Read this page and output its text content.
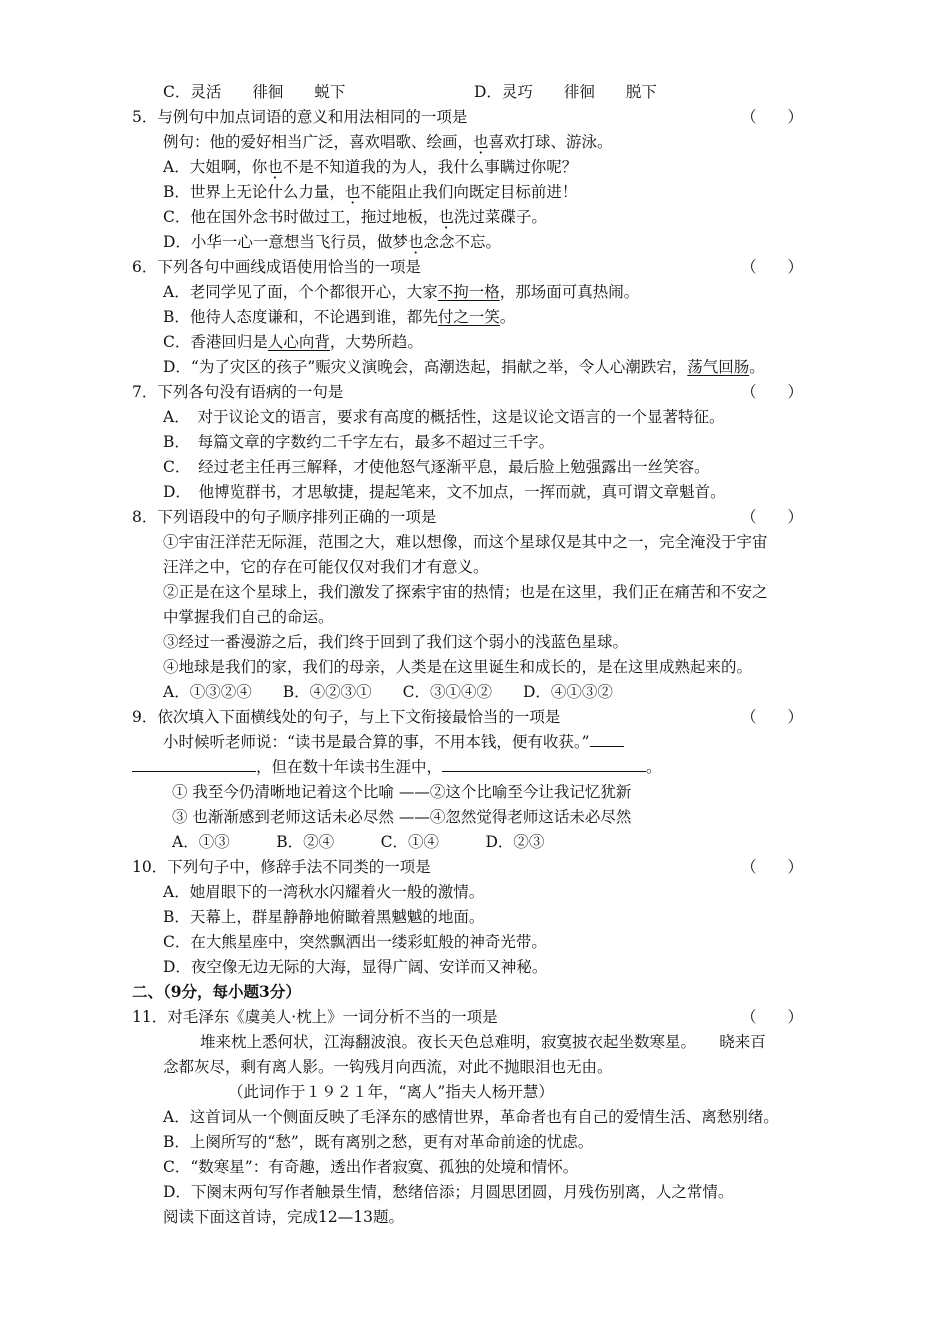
C．灵活　　徘徊　　蜕下	D．灵巧　　徘徊　　脱下
5．与例句中加点词语的意义和用法相同的一项是	（　　）
例句：他的爱好相当广泛，喜欢唱歌、绘画，也喜欢打球、游泳。
A．大姐啊，你也不是不知道我的为人，我什么事瞒过你呢？
B．世界上无论什么力量，也不能阻止我们向既定目标前进！
C．他在国外念书时做过工，拖过地板，也洗过菜碟子。
D．小华一心一意想当飞行员，做梦也念念不忘。
6．下列各句中画线成语使用恰当的一项是	（　　）
A．老同学见了面，个个都很开心，大家不拘一格，那场面可真热闹。
B．他待人态度谦和，不论遇到谁，都先付之一笑。
C．香港回归是人心向背，大势所趋。
D．“为了灾区的孩子”赈灾义演晚会，高潮迭起，捐献之举，令人心潮跌宕，荡气回肠。
7．下列各句没有语病的一句是	（　　）
A．　对于议论文的语言，要求有高度的概括性，这是议论文语言的一个显著特征。
B．　每篇文章的字数约二千字左右，最多不超过三千字。
C．　经过老主任再三解释，才使他怒气逐渐平息，最后脸上勉强露出一丝笑容。
D．　他博览群书，才思敏捷，提起笔来，文不加点，一挥而就，真可谓文章魁首。
8．下列语段中的句子顺序排列正确的一项是	（　　）
①宇宙汪洋茫无际涯，范围之大，难以想像，而这个星球仅是其中之一，完全淹没于宇宙
汪洋之中，它的存在可能仅仅对我们才有意义。
②正是在这个星球上，我们激发了探索宇宙的热情；也是在这里，我们正在痛苦和不安之
中掌握我们自己的命运。
③经过一番漫游之后，我们终于回到了我们这个弱小的浅蓝色星球。
④地球是我们的家，我们的母亲，人类是在这里诞生和成长的，是在这里成熟起来的。
A．①③②④　　B．④②③①　　C．③①④②　　D．④①③②
9．依次填入下面横线处的句子，与上下文衔接最恰当的一项是	（　　）
小时候听老师说：“读书是最合算的事，不用本钱，便有收获。”
，但在数十年读书生涯中，	。
① 我至今仍清晰地记着这个比喻 ——②这个比喻至今让我记忆犹新
③ 也渐渐感到老师这话未必尽然 ——④忽然觉得老师这话未必尽然
A．①③　　　B．②④　　　C．①④　　　D．②③
10．下列句子中，修辞手法不同类的一项是	（　　）
A．她眉眼下的一湾秋水闪耀着火一般的激情。
B．天幕上，群星静静地俯瞰着黑魆魆的地面。
C．在大熊星座中，突然飘洒出一缕彩虹般的神奇光带。
D．夜空像无边无际的大海，显得广阔、安详而又神秘。
二、（9分，每小题3分）
11．对毛泽东《虞美人·枕上》一词分析不当的一项是	（　　）
堆来枕上悉何状，江海翻波浪。夜长天色总难明，寂寞披衣起坐数寒星。　　晓来百
念都灰尽，剩有离人影。一钩残月向西流，对此不抛眼泪也无由。
（此词作于１９２１年，“离人”指夫人杨开慧）
A．这首词从一个侧面反映了毛泽东的感情世界，革命者也有自己的爱情生活、离愁别绪。
B．上阕所写的“愁”，既有离别之愁，更有对革命前途的忧虑。
C．“数寒星”：有奇趣，透出作者寂寞、孤独的处境和情怀。
D．下阕末两句写作者触景生情，愁绪倍添；月圆思团圆，月残伤别离，人之常情。
阅读下面这首诗，完成12—13题。
